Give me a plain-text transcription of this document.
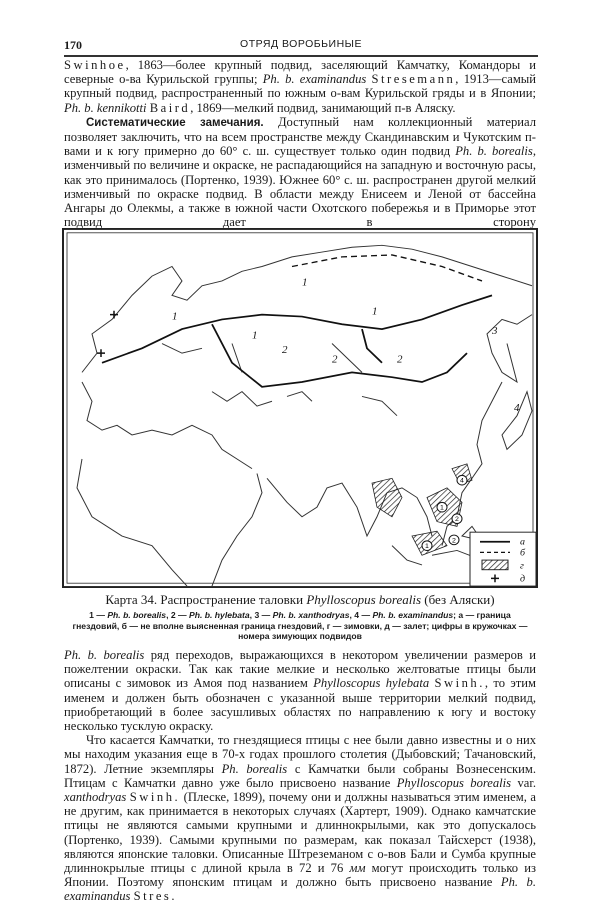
170	ОТРЯД ВОРОБЬИНЫЕ

Swinhoe, 1863—более крупный подвид, заселяющий Камчатку, Командоры и северные о-ва Курильской группы; Ph. b. examinandus Stresemann, 1913—самый крупный подвид, распространенный по южным о-вам Курильской гряды и в Японии; Ph. b. kennikotti Baird, 1869—мелкий подвид, занимающий п-в Аляску.

Систематические замечания. Доступный нам коллекционный материал позволяет заключить, что на всем пространстве между Скандинавским и Чукотским п-вами и к югу примерно до 60° с. ш. существует только один подвид Ph. b. borealis, изменчивый по величине и окраске, не распадающийся на западную и восточную расы, как это принималось (Портенко, 1939). Южнее 60° с. ш. распространен другой мелкий изменчивый по окраске подвид. В области между Енисеем и Леной от бассейна Ангары до Олекмы, а также в южной части Охотского побережья и в Приморье этот подвид дает в сторону

1
1
1
1
2	2
2
3
4
а
б
г
д
1
2
4
1
2
Карта 34. Распространение таловки Phylloscopus borealis (без Аляски)
1 — Ph. b. borealis, 2 — Ph. b. hylebata, 3 — Ph. b. xanthodryas, 4 — Ph. b. examinandus; а — граница гнездовий, б — не вполне выясненная граница гнездовий, г — зимовки, д — залет; цифры в кружочках — номера зимующих подвидов

Ph. b. borealis ряд переходов, выражающихся в некотором увеличении размеров и пожелтении окраски. Так как такие мелкие и несколько желтоватые птицы были описаны с зимовок из Амоя под названием Phylloscopus hylebata Swinh., то этим именем и должен быть обозначен с указанной выше территории мелкий подвид, приобретающий в более засушливых областях по направлению к югу и востоку несколько тусклую окраску.

Что касается Камчатки, то гнездящиеся птицы с нее были давно известны и о них мы находим указания еще в 70-х годах прошлого столетия (Дыбовский; Тачановский, 1872). Летние экземпляры Ph. borealis с Камчатки были собраны Вознесенским. Птицам с Камчатки давно уже было присвоено название Phylloscopus borealis var. xanthodryas Swinh. (Плеске, 1899), почему они и должны называться этим именем, а не другим, как принимается в некоторых случаях (Хартерт, 1909). Однако камчатские птицы не являются самыми крупными и длиннокрылыми, как это допускалось (Портенко, 1939). Самыми крупными по размерам, как показал Тайсхерст (1938), являются японские таловки. Описанные Штреземаном с о-вов Бали и Сумба крупные длиннокрылые птицы с длиной крыла в 72 и 76 мм могут происходить только из Японии. Поэтому японским птицам и должно быть присвоено название Ph. b. examinandus Stres.
